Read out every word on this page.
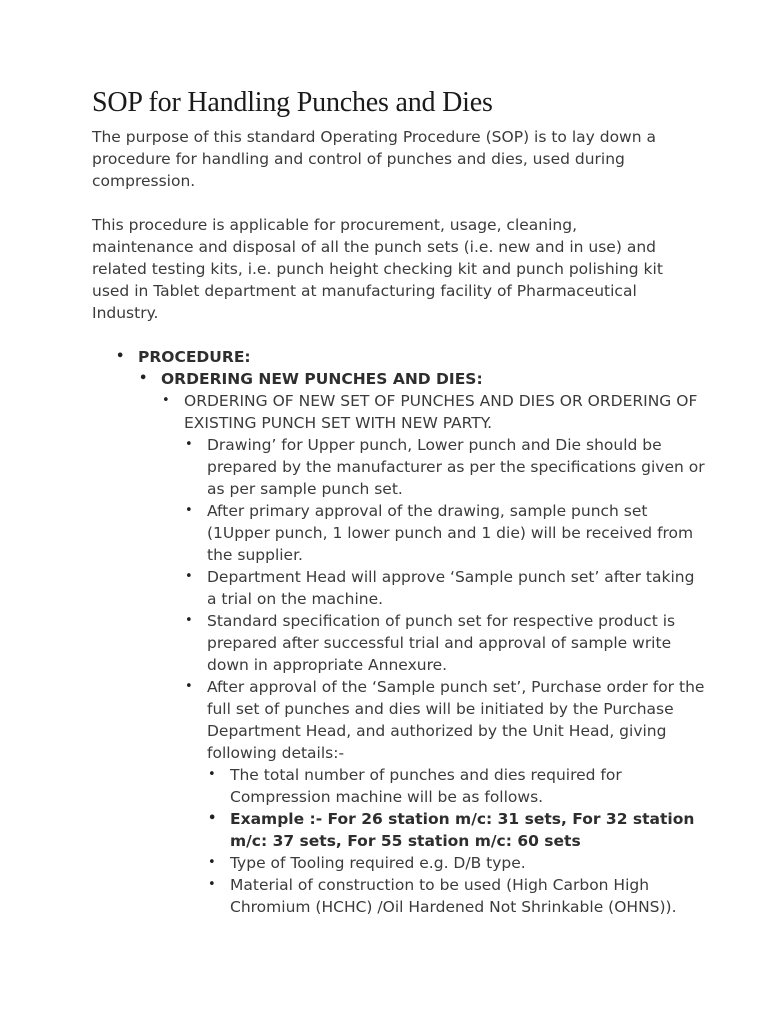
SOP for Handling Punches and Dies

The purpose of this standard Operating Procedure (SOP) is to lay down a procedure for handling and control of punches and dies, used during compression.

This procedure is applicable for procurement, usage, cleaning, maintenance and disposal of all the punch sets (i.e. new and in use) and related testing kits, i.e. punch height checking kit and punch polishing kit used in Tablet department at manufacturing facility of Pharmaceutical Industry.

• PROCEDURE:
• ORDERING NEW PUNCHES AND DIES:
• ORDERING OF NEW SET OF PUNCHES AND DIES OR ORDERING OF EXISTING PUNCH SET WITH NEW PARTY.
• Drawing’ for Upper punch, Lower punch and Die should be prepared by the manufacturer as per the specifications given or as per sample punch set.
• After primary approval of the drawing, sample punch set (1Upper punch, 1 lower punch and 1 die) will be received from the supplier.
• Department Head will approve ‘Sample punch set’ after taking a trial on the machine.
• Standard specification of punch set for respective product is prepared after successful trial and approval of sample write down in appropriate Annexure.
• After approval of the ‘Sample punch set’, Purchase order for the full set of punches and dies will be initiated by the Purchase Department Head, and authorized by the Unit Head, giving following details:-
• The total number of punches and dies required for Compression machine will be as follows.
• Example :- For 26 station m/c: 31 sets, For 32 station m/c: 37 sets, For 55 station m/c: 60 sets
• Type of Tooling required e.g. D/B type.
• Material of construction to be used (High Carbon High Chromium (HCHC) /Oil Hardened Not Shrinkable (OHNS)).
